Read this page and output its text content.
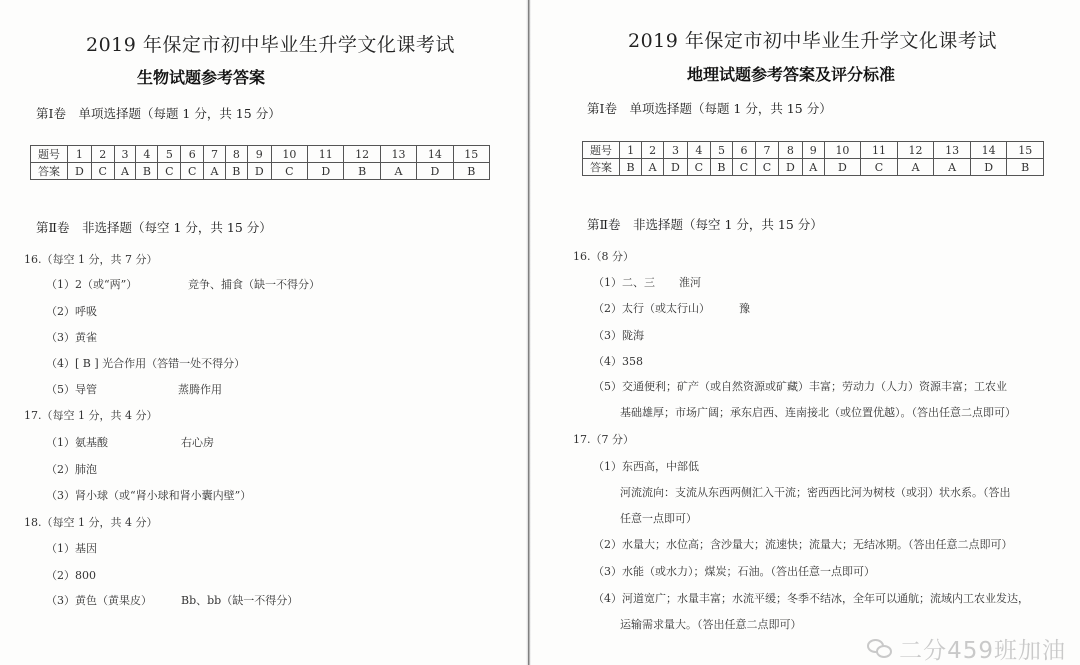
2019 年保定市初中毕业生升学文化课考试
生物试题参考答案
第Ⅰ卷　单项选择题（每题 1 分，共 15 分）
题号	1	2	3	4	5	6	7	8	9	10	11	12	13	14	15
答案	D	C	A	B	C	C	A	B	D	C	D	B	A	D	B
第Ⅱ卷　非选择题（每空 1 分，共 15 分）
16.（每空 1 分，共 7 分）
（1）2（或“两”）	竞争、捕食（缺一不得分）
（2）呼吸
（3）黄雀
（4）[ B ] 光合作用（答错一处不得分）
（5）导管	蒸腾作用
17.（每空 1 分，共 4 分）
（1）氨基酸	右心房
（2）肺泡
（3）肾小球（或“肾小球和肾小囊内壁”）
18.（每空 1 分，共 4 分）
（1）基因
（2）800
（3）黄色（黄果皮）	Bb、bb（缺一不得分）
2019 年保定市初中毕业生升学文化课考试
地理试题参考答案及评分标准
第Ⅰ卷　单项选择题（每题 1 分，共 15 分）
题号	1	2	3	4	5	6	7	8	9	10	11	12	13	14	15
答案	B	A	D	C	B	C	C	D	A	D	C	A	A	D	B
第Ⅱ卷　非选择题（每空 1 分，共 15 分）
16.（8 分）
（1）二、三 淮河
（2）太行（或太行山）	豫
（3）陇海
（4）358
（5）交通便利；矿产（或自然资源或矿藏）丰富；劳动力（人力）资源丰富；工农业
基础雄厚；市场广阔；承东启西、连南接北（或位置优越）。（答出任意二点即可）
17.（7 分）
（1）东西高，中部低
河流流向：支流从东西两侧汇入干流；密西西比河为树枝（或羽）状水系。（答出
任意一点即可）
（2）水量大；水位高；含沙量大；流速快；流量大；无结冰期。（答出任意二点即可）
（3）水能（或水力）；煤炭；石油。（答出任意一点即可）
（4）河道宽广；水量丰富；水流平缓；冬季不结冰，全年可以通航；流域内工农业发达，
运输需求量大。（答出任意二点即可）
二分459班加油
